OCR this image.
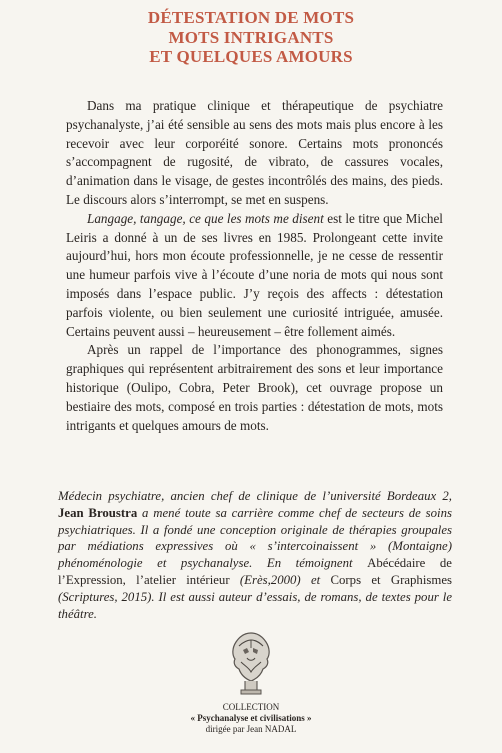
DÉTESTATION DE MOTS
MOTS INTRIGANTS
ET QUELQUES AMOURS

Dans ma pratique clinique et thérapeutique de psychiatre psychanalyste, j’ai été sensible au sens des mots mais plus encore à les recevoir avec leur corporéité sonore. Certains mots prononcés s’accompagnent de rugosité, de vibrato, de cassures vocales, d’animation dans le visage, de gestes incontrôlés des mains, des pieds. Le discours alors s’interrompt, se met en suspens.

Langage, tangage, ce que les mots me disent est le titre que Michel Leiris a donné à un de ses livres en 1985. Prolongeant cette invite aujourd’hui, hors mon écoute professionnelle, je ne cesse de ressentir une humeur parfois vive à l’écoute d’une noria de mots qui nous sont imposés dans l’espace public. J’y reçois des affects : détestation parfois violente, ou bien seulement une curiosité intriguée, amusée. Certains peuvent aussi – heureusement – être follement aimés.

Après un rappel de l’importance des phonogrammes, signes graphiques qui représentent arbitrairement des sons et leur importance historique (Oulipo, Cobra, Peter Brook), cet ouvrage propose un bestiaire des mots, composé en trois parties : détestation de mots, mots intrigants et quelques amours de mots.

Médecin psychiatre, ancien chef de clinique de l’université Bordeaux 2, Jean Broustra a mené toute sa carrière comme chef de secteurs de soins psychiatriques. Il a fondé une conception originale de thérapies groupales par médiations expressives où « s’intercoinaissent » (Montaigne) phénoménologie et psychanalyse. En témoignent Abécédaire de l’Expression, l’atelier intérieur (Erès,2000) et Corps et Graphismes (Scriptures, 2015). Il est aussi auteur d’essais, de romans, de textes pour le théâtre.
COLLECTION
« Psychanalyse et civilisations »
dirigée par Jean NADAL
